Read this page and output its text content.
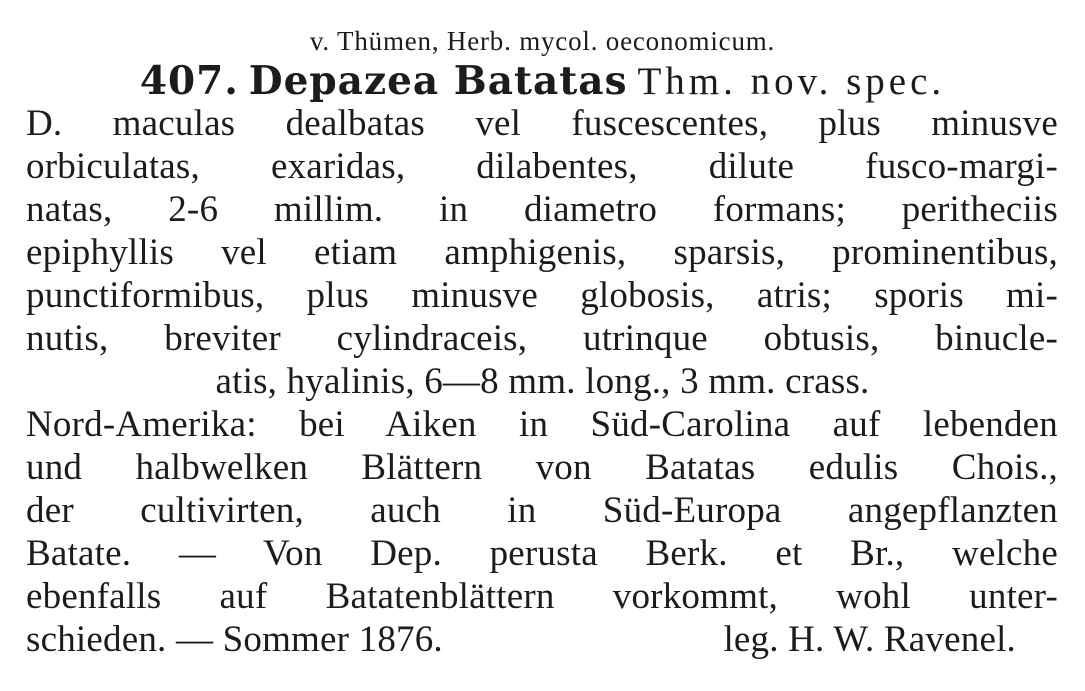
v. Thümen, Herb. mycol. oeconomicum.
407. Depazea Batatas Thm. nov. spec.
D. maculas dealbatas vel fuscescentes, plus minusve
orbiculatas, exaridas, dilabentes, dilute fusco-margi-
natas, 2-6 millim. in diametro formans; peritheciis
epiphyllis vel etiam amphigenis, sparsis, prominentibus,
punctiformibus, plus minusve globosis, atris; sporis mi-
nutis, breviter cylindraceis, utrinque obtusis, binucle-
atis, hyalinis, 6—8 mm. long., 3 mm. crass.
Nord-Amerika: bei Aiken in Süd-Carolina auf lebenden
und halbwelken Blättern von Batatas edulis Chois.,
der cultivirten, auch in Süd-Europa angepflanzten
Batate. — Von Dep. perusta Berk. et Br., welche
ebenfalls auf Batatenblättern vorkommt, wohl unter-
schieden. — Sommer 1876.	leg. H. W. Ravenel.
